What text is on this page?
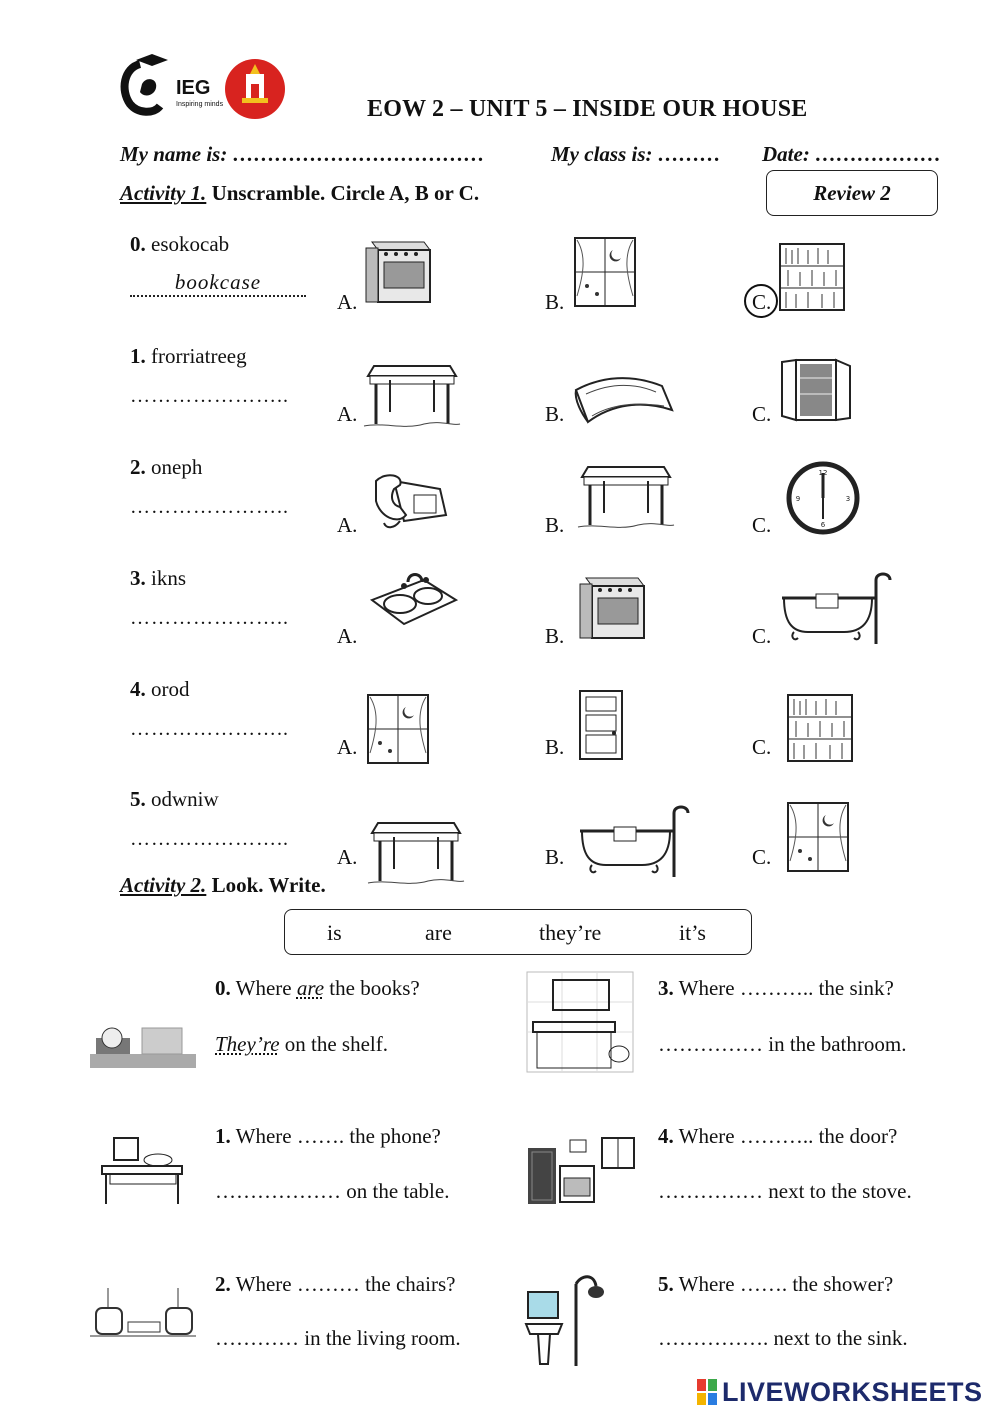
IEG
Inspiring minds	EOW 2 – UNIT 5 – INSIDE OUR HOUSE
My name is: ………………………………	My class is: ……… Date: ………………
Activity 1. Unscramble. Circle A, B or C.	Review 2
0. esokocab
bookcase
A.	B.	C.
1. frorriatreeg
…………………..
A.	B.	C.
2. oneph
…………………..
A.	B.	C.
12
3
6
9
3. ikns
…………………..
A.	B.	C.
4. orod
…………………..
A.	B.	C.
5. odwniw
…………………..
A.	B.	C.
Activity 2. Look. Write.
is	are	they’re	it’s
0. Where are the books?
They’re on the shelf.
1. Where ……. the phone?
……………… on the table.
2. Where ……… the chairs?
………… in the living room.
3. Where ……….. the sink?
…………… in the bathroom.
4. Where ……….. the door?
…………… next to the stove.
5. Where ……. the shower?
……………. next to the sink.
LIVEWORKSHEETS
